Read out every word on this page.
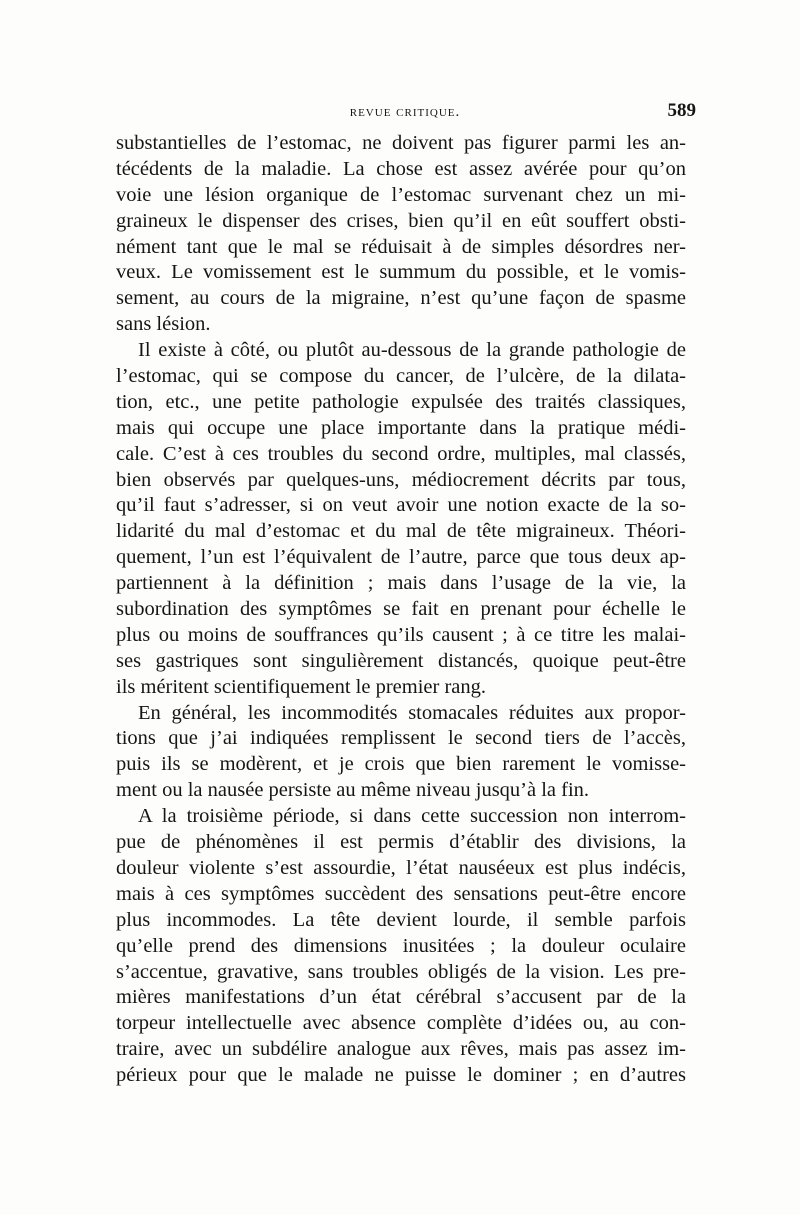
revue critique.	589
substantielles de l’estomac, ne doivent pas figurer parmi les an-
técédents de la maladie. La chose est assez avérée pour qu’on
voie une lésion organique de l’estomac survenant chez un mi-
graineux le dispenser des crises, bien qu’il en eût souffert obsti-
nément tant que le mal se réduisait à de simples désordres ner-
veux. Le vomissement est le summum du possible, et le vomis-
sement, au cours de la migraine, n’est qu’une façon de spasme
sans lésion.
Il existe à côté, ou plutôt au-dessous de la grande pathologie de
l’estomac, qui se compose du cancer, de l’ulcère, de la dilata-
tion, etc., une petite pathologie expulsée des traités classiques,
mais qui occupe une place importante dans la pratique médi-
cale. C’est à ces troubles du second ordre, multiples, mal classés,
bien observés par quelques-uns, médiocrement décrits par tous,
qu’il faut s’adresser, si on veut avoir une notion exacte de la so-
lidarité du mal d’estomac et du mal de tête migraineux. Théori-
quement, l’un est l’équivalent de l’autre, parce que tous deux ap-
partiennent à la définition ; mais dans l’usage de la vie, la
subordination des symptômes se fait en prenant pour échelle le
plus ou moins de souffrances qu’ils causent ; à ce titre les malai-
ses gastriques sont singulièrement distancés, quoique peut-être
ils méritent scientifiquement le premier rang.
En général, les incommodités stomacales réduites aux propor-
tions que j’ai indiquées remplissent le second tiers de l’accès,
puis ils se modèrent, et je crois que bien rarement le vomisse-
ment ou la nausée persiste au même niveau jusqu’à la fin.
A la troisième période, si dans cette succession non interrom-
pue de phénomènes il est permis d’établir des divisions, la
douleur violente s’est assourdie, l’état nauséeux est plus indécis,
mais à ces symptômes succèdent des sensations peut-être encore
plus incommodes. La tête devient lourde, il semble parfois
qu’elle prend des dimensions inusitées ; la douleur oculaire
s’accentue, gravative, sans troubles obligés de la vision. Les pre-
mières manifestations d’un état cérébral s’accusent par de la
torpeur intellectuelle avec absence complète d’idées ou, au con-
traire, avec un subdélire analogue aux rêves, mais pas assez im-
périeux pour que le malade ne puisse le dominer ; en d’autres
